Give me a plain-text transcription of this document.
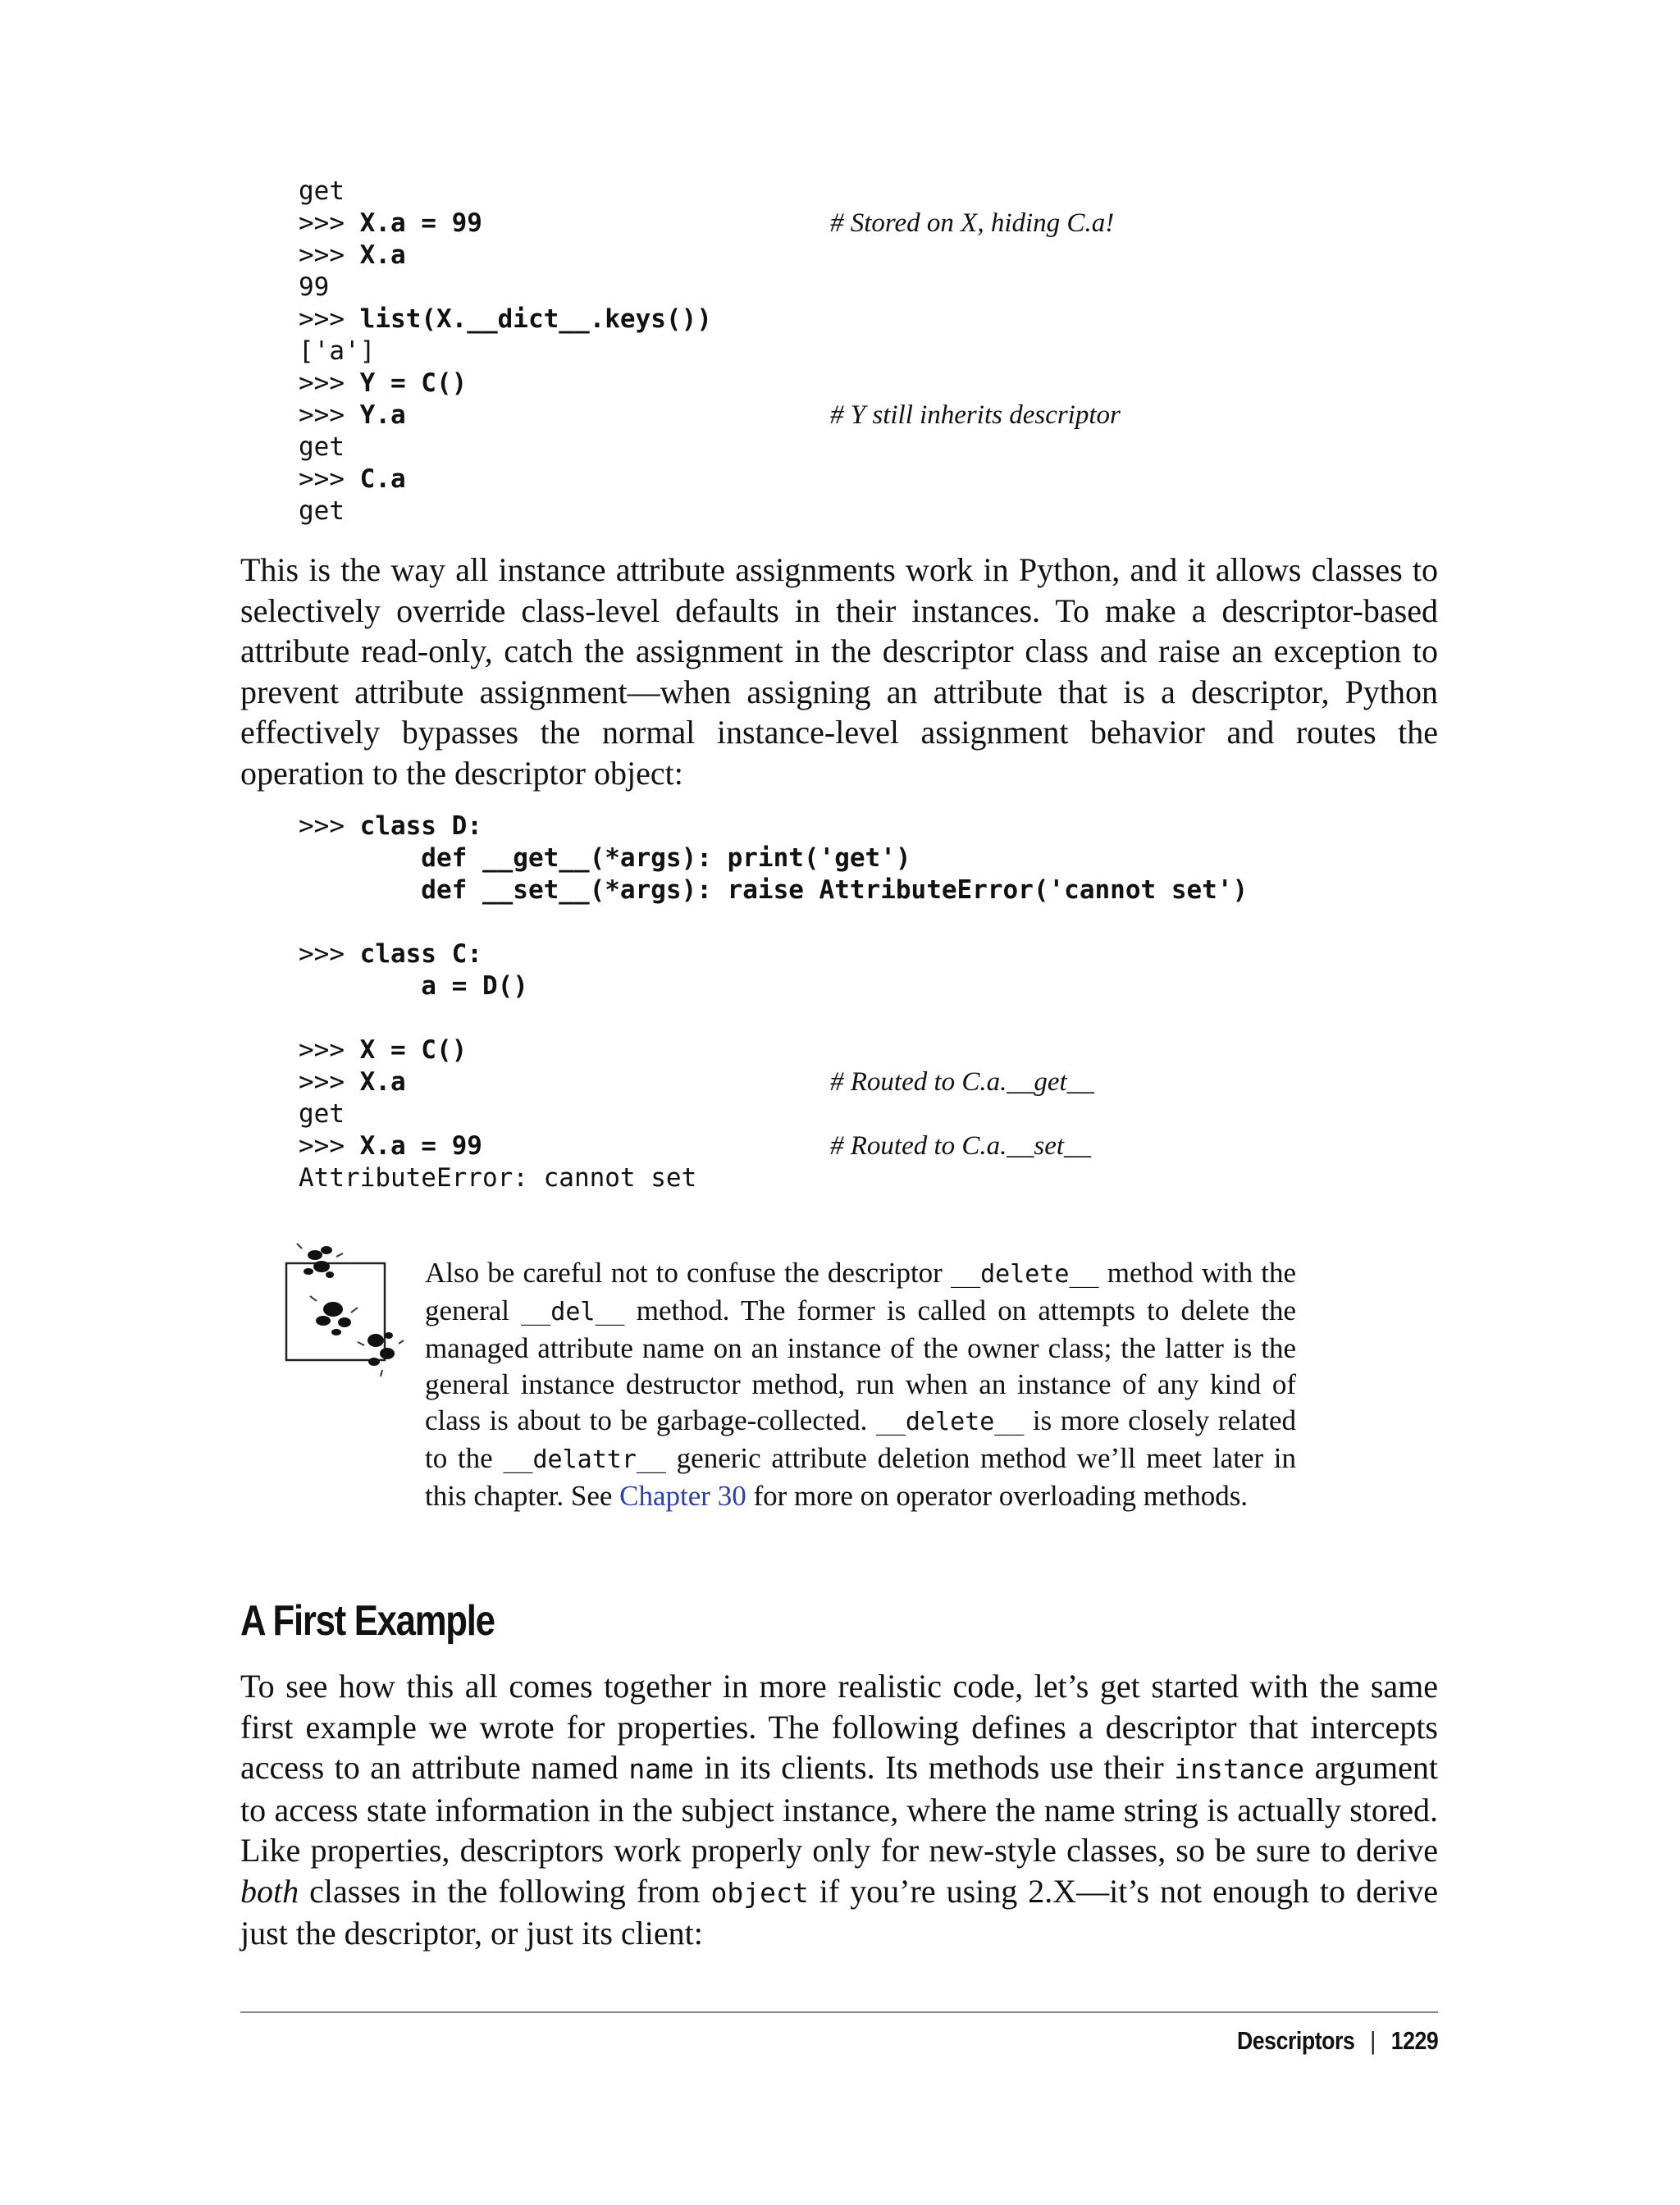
get
>>> X.a = 99	# Stored on X, hiding C.a!
>>> X.a
99
>>> list(X.__dict__.keys())
['a']
>>> Y = C()
>>> Y.a	# Y still inherits descriptor
get
>>> C.a
get

This is the way all instance attribute assignments work in Python, and it allows classes to selectively override class-level defaults in their instances. To make a descriptor-based attribute read-only, catch the assignment in the descriptor class and raise an exception to prevent attribute assignment—when assigning an attribute that is a descriptor, Python effectively bypasses the normal instance-level assignment behavior and routes the operation to the descriptor object:

>>> class D:
def __get__(*args): print('get')
def __set__(*args): raise AttributeError('cannot set')
>>> class C:
a = D()
>>> X = C()
>>> X.a	# Routed to C.a.__get__
get
>>> X.a = 99	# Routed to C.a.__set__
AttributeError: cannot set

Also be careful not to confuse the descriptor __delete__ method with the general __del__ method. The former is called on attempts to delete the managed attribute name on an instance of the owner class; the latter is the general instance destructor method, run when an instance of any kind of class is about to be garbage-collected. __delete__ is more closely related to the __delattr__ generic attribute deletion method we’ll meet later in this chapter. See Chapter 30 for more on operator overloading methods.

A First Example

To see how this all comes together in more realistic code, let’s get started with the same first example we wrote for properties. The following defines a descriptor that intercepts access to an attribute named name in its clients. Its methods use their instance argument to access state information in the subject instance, where the name string is actually stored. Like properties, descriptors work properly only for new-style classes, so be sure to derive both classes in the following from object if you’re using 2.X—it’s not enough to derive just the descriptor, or just its client:

Descriptors | 1229
